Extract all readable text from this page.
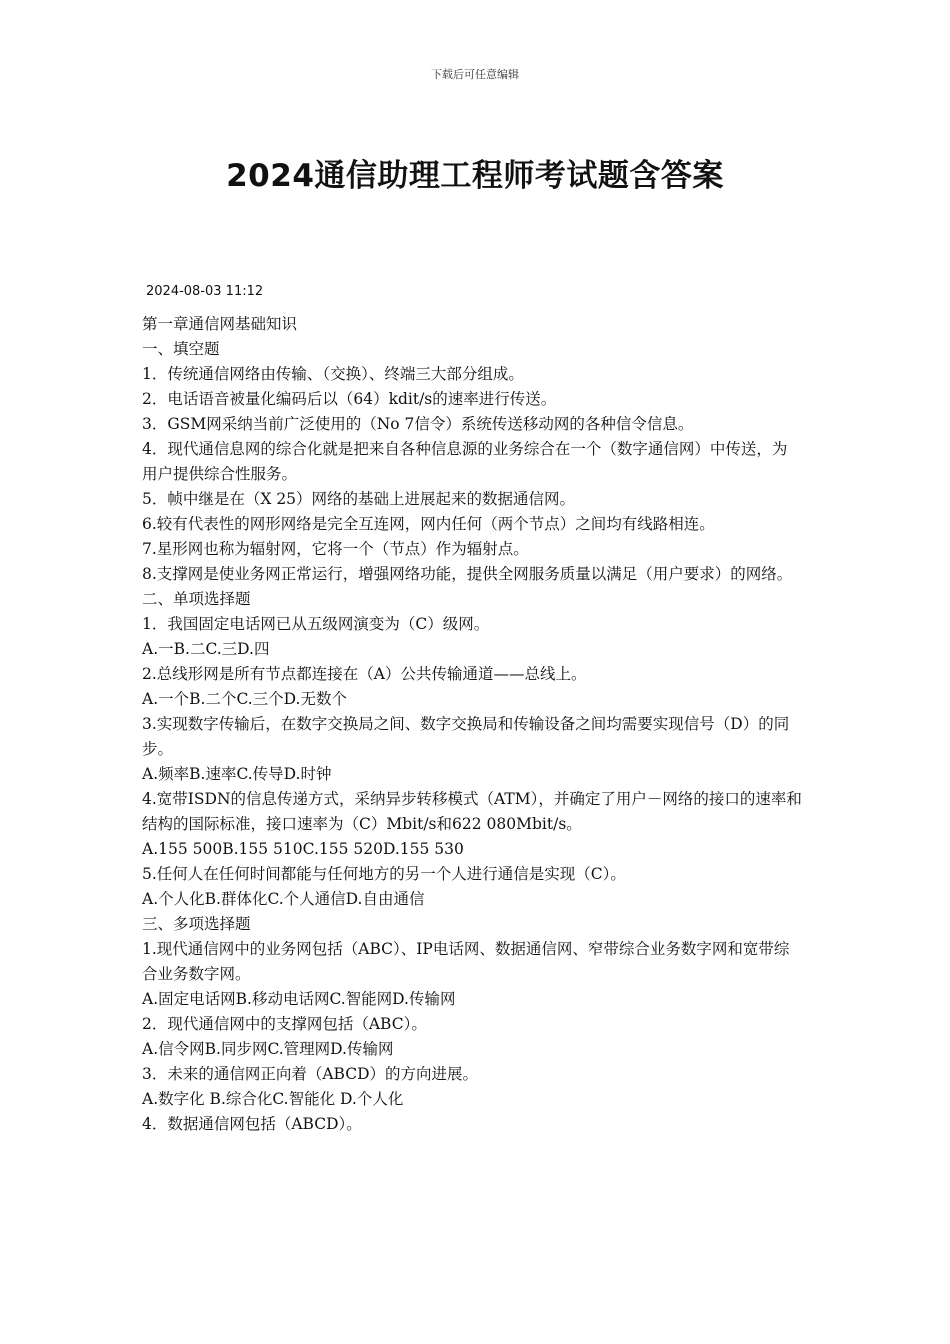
下载后可任意编辑
2024通信助理工程师考试题含答案
2024-08-03 11:12

第一章通信网基础知识

一、填空题

1．传统通信网络由传输、（交换）、终端三大部分组成。

2．电话语音被量化编码后以（64）kdit/s的速率进行传送。

3．GSM网采纳当前广泛使用的（No 7信令）系统传送移动网的各种信令信息。

4．现代通信息网的综合化就是把来自各种信息源的业务综合在一个（数字通信网）中传送，为用户提供综合性服务。

5．帧中继是在（X 25）网络的基础上进展起来的数据通信网。

6.较有代表性的网形网络是完全互连网，网内任何（两个节点）之间均有线路相连。

7.星形网也称为辐射网，它将一个（节点）作为辐射点。

8.支撑网是使业务网正常运行，增强网络功能，提供全网服务质量以满足（用户要求）的网络。

二、单项选择题

1．我国固定电话网已从五级网演变为（C）级网。

A.一B.二C.三D.四

2.总线形网是所有节点都连接在（A）公共传输通道——总线上。

A.一个B.二个C.三个D.无数个

3.实现数字传输后，在数字交换局之间、数字交换局和传输设备之间均需要实现信号（D）的同步。

A.频率B.速率C.传导D.时钟

4.宽带ISDN的信息传递方式，采纳异步转移模式（ATM），并确定了用户－网络的接口的速率和结构的国际标准，接口速率为（C）Mbit/s和622 080Mbit/s。

A.155 500B.155 510C.155 520D.155 530

5.任何人在任何时间都能与任何地方的另一个人进行通信是实现（C）。

A.个人化B.群体化C.个人通信D.自由通信

三、多项选择题

1.现代通信网中的业务网包括（ABC）、IP电话网、数据通信网、窄带综合业务数字网和宽带综合业务数字网。

A.固定电话网B.移动电话网C.智能网D.传输网

2．现代通信网中的支撑网包括（ABC）。

A.信令网B.同步网C.管理网D.传输网

3．未来的通信网正向着（ABCD）的方向进展。

A.数字化 B.综合化C.智能化 D.个人化

4．数据通信网包括（ABCD）。
